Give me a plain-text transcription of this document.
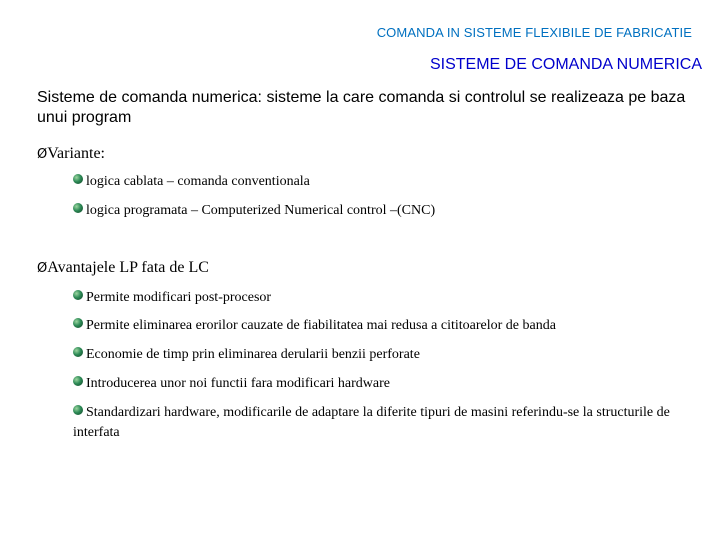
COMANDA IN SISTEME FLEXIBILE DE FABRICATIE
SISTEME DE COMANDA NUMERICA
Sisteme de comanda numerica: sisteme la care comanda si controlul se realizeaza pe baza unui program
ØVariante:
logica cablata – comanda conventionala
logica programata – Computerized Numerical control –(CNC)
ØAvantajele LP fata de LC
Permite modificari post-procesor
Permite eliminarea erorilor cauzate de fiabilitatea mai redusa a cititoarelor de banda
Economie de timp prin eliminarea derularii benzii perforate
Introducerea unor noi functii fara modificari hardware
Standardizari hardware, modificarile de adaptare la diferite tipuri de masini referindu-se la structurile de interfata
